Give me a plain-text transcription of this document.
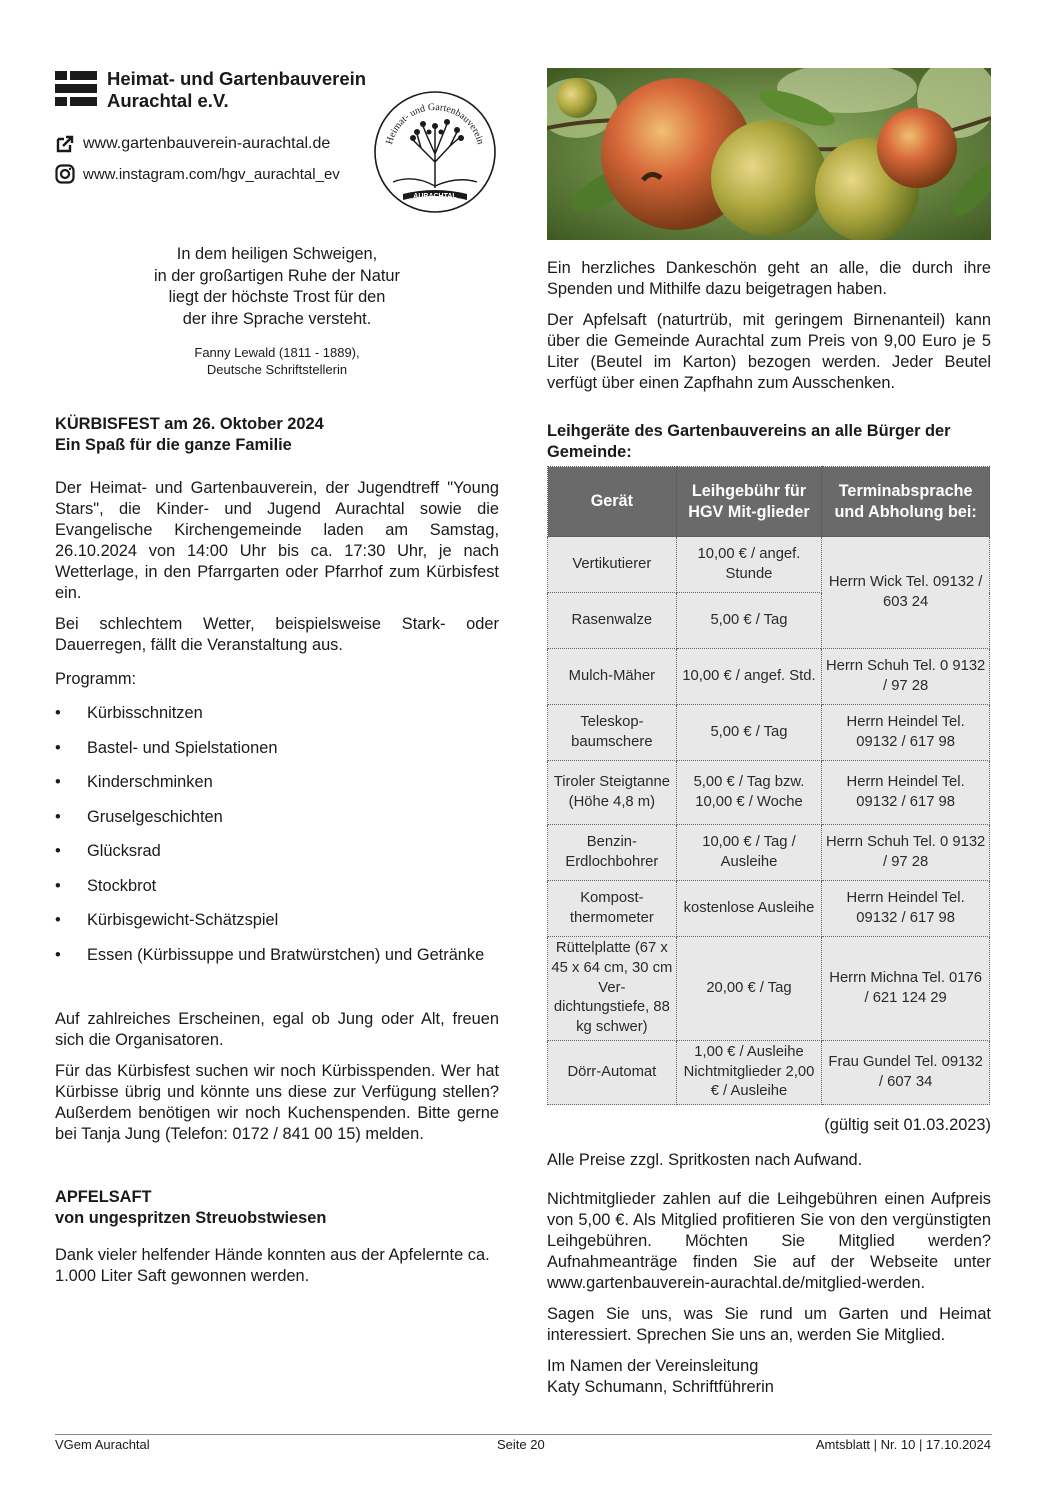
Heimat- und Gartenbauverein
Aurachtal e.V.
www.gartenbauverein-aurachtal.de
www.instagram.com/hgv_aurachtal_ev
Heimat- und Gartenbauverein
AURACHTAL
In dem heiligen Schweigen,
in der großartigen Ruhe der Natur
liegt der höchste Trost für den
der ihre Sprache versteht.
Fanny Lewald (1811 - 1889),
Deutsche Schriftstellerin

KÜRBISFEST am 26. Oktober 2024

Ein Spaß für die ganze Familie

Der Heimat- und Gartenbauverein, der Jugendtreff "Young Stars", die Kinder- und Jugend Aurachtal sowie die Evangelische Kirchengemeinde laden am Samstag, 26.10.2024 von 14:00 Uhr bis ca. 17:30 Uhr, je nach Wetterlage, in den Pfarrgarten oder Pfarrhof zum Kürbisfest ein.

Bei schlechtem Wetter, beispielsweise Stark- oder Dauerregen, fällt die Veranstaltung aus.

Programm:

• Kürbisschnitzen
• Bastel- und Spielstationen
• Kinderschminken
• Gruselgeschichten
• Glücksrad
• Stockbrot
• Kürbisgewicht-Schätzspiel
• Essen (Kürbissuppe und Bratwürstchen) und Getränke

Auf zahlreiches Erscheinen, egal ob Jung oder Alt, freuen sich die Organisatoren.

Für das Kürbisfest suchen wir noch Kürbisspenden. Wer hat Kürbisse übrig und könnte uns diese zur Verfügung stellen? Außerdem benötigen wir noch Kuchenspenden. Bitte gerne bei Tanja Jung (Telefon: 0172 / 841 00 15) melden.

APFELSAFT

von ungespritzen Streuobstwiesen

Dank vieler helfender Hände konnten aus der Apfelernte ca. 1.000 Liter Saft gewonnen werden.

Ein herzliches Dankeschön geht an alle, die durch ihre Spenden und Mithilfe dazu beigetragen haben.

Der Apfelsaft (naturtrüb, mit geringem Birnenanteil) kann über die Gemeinde Aurachtal zum Preis von 9,00 Euro je 5 Liter (Beutel im Karton) bezogen werden. Jeder Beutel verfügt über einen Zapfhahn zum Ausschenken.

Leihgeräte des Gartenbauvereins an alle Bürger der Gemeinde:

Gerät	Leihgebühr für HGV Mit-glieder	Terminabsprache und Abholung bei:
Vertikutierer	10,00 € / angef. Stunde	Herrn Wick Tel. 09132 / 603 24
Rasenwalze	5,00 € / Tag	
Mulch-Mäher	10,00 € / angef. Std.	Herrn Schuh Tel. 0 9132 / 97 28
Teleskop-baumschere	5,00 € / Tag	Herrn Heindel Tel. 09132 / 617 98
Tiroler Steigtanne (Höhe 4,8 m)	5,00 € / Tag bzw. 10,00 € / Woche	Herrn Heindel Tel. 09132 / 617 98
Benzin-Erdlochbohrer	10,00 € / Tag / Ausleihe	Herrn Schuh Tel. 0 9132 / 97 28
Kompost-thermometer	kostenlose Ausleihe	Herrn Heindel Tel. 09132 / 617 98
Rüttelplatte (67 x 45 x 64 cm, 30 cm Ver-dichtungstiefe, 88 kg schwer)	20,00 € / Tag	Herrn Michna Tel. 0176 / 621 124 29
Dörr-Automat	1,00 € / Ausleihe Nichtmitglieder 2,00 € / Ausleihe	Frau Gundel Tel. 09132 / 607 34

(gültig seit 01.03.2023)

Alle Preise zzgl. Spritkosten nach Aufwand.

Nichtmitglieder zahlen auf die Leihgebühren einen Aufpreis von 5,00 €. Als Mitglied profitieren Sie von den vergünstigten Leihgebühren. Möchten Sie Mitglied werden? Aufnahmeanträge finden Sie auf der Webseite unter www.gartenbauverein-aurachtal.de/mitglied-werden.

Sagen Sie uns, was Sie rund um Garten und Heimat interessiert. Sprechen Sie uns an, werden Sie Mitglied.

Im Namen der Vereinsleitung

Katy Schumann, Schriftführerin

VGem Aurachtal	Seite 20	Amtsblatt | Nr. 10 | 17.10.2024
